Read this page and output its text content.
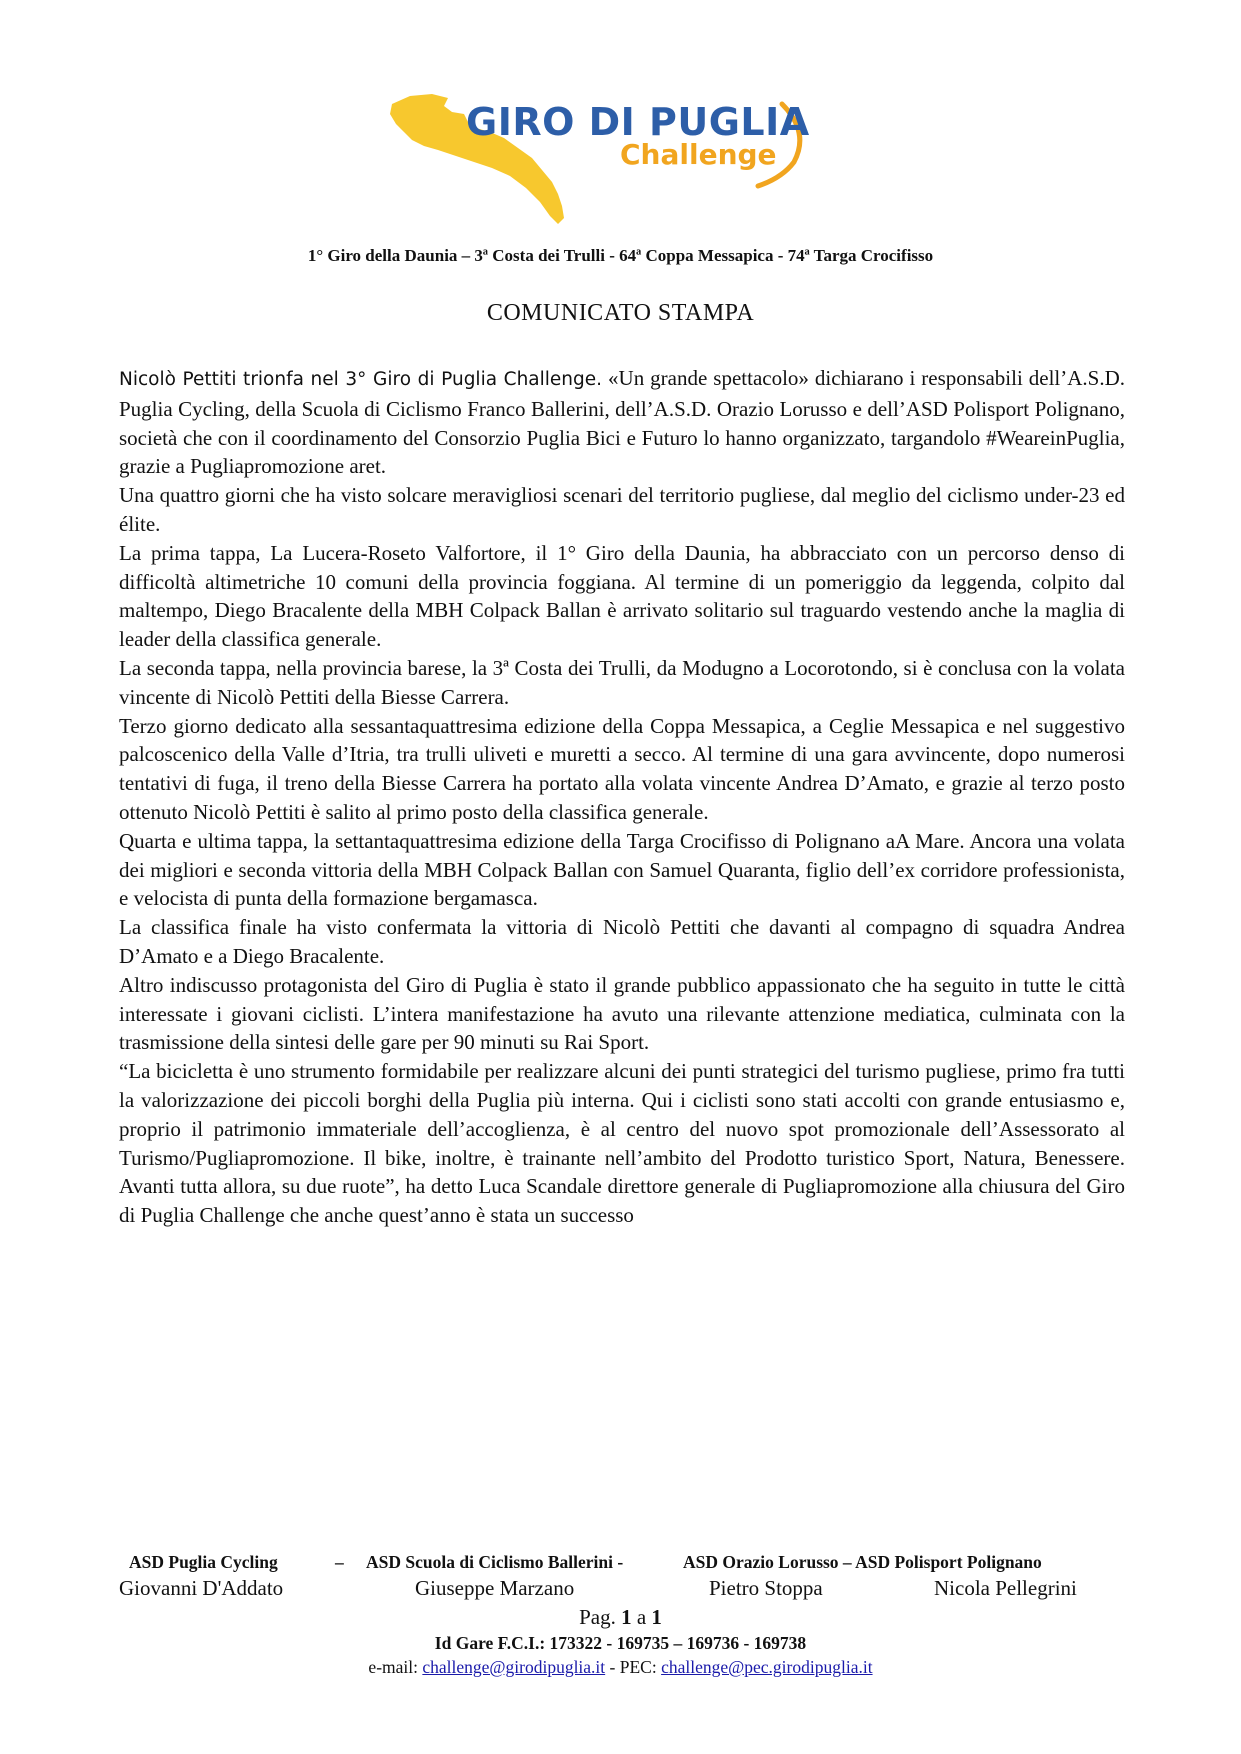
GIRO DI PUGLIA
Challenge
1° Giro della Daunia – 3ª Costa dei Trulli - 64ª Coppa Messapica - 74ª Targa Crocifisso
COMUNICATO STAMPA

Nicolò Pettiti trionfa nel 3° Giro di Puglia Challenge. «Un grande spettacolo» dichiarano i responsabili dell’A.S.D. Puglia Cycling, della Scuola di Ciclismo Franco Ballerini, dell’A.S.D. Orazio Lorusso e dell’ASD Polisport Polignano, società che con il coordinamento del Consorzio Puglia Bici e Futuro lo hanno organizzato, targandolo #WeareinPuglia, grazie a Pugliapromozione aret.

Una quattro giorni che ha visto solcare meravigliosi scenari del territorio pugliese, dal meglio del ciclismo under-23 ed élite.

La prima tappa, La Lucera-Roseto Valfortore, il 1° Giro della Daunia, ha abbracciato con un percorso denso di difficoltà altimetriche 10 comuni della provincia foggiana. Al termine di un pomeriggio da leggenda, colpito dal maltempo, Diego Bracalente della MBH Colpack Ballan è arrivato solitario sul traguardo vestendo anche la maglia di leader della classifica generale.

La seconda tappa, nella provincia barese, la 3ª Costa dei Trulli, da Modugno a Locorotondo, si è conclusa con la volata vincente di Nicolò Pettiti della Biesse Carrera.

Terzo giorno dedicato alla sessantaquattresima edizione della Coppa Messapica, a Ceglie Messapica e nel suggestivo palcoscenico della Valle d’Itria, tra trulli uliveti e muretti a secco. Al termine di una gara avvincente, dopo numerosi tentativi di fuga, il treno della Biesse Carrera ha portato alla volata vincente Andrea D’Amato, e grazie al terzo posto ottenuto Nicolò Pettiti è salito al primo posto della classifica generale.

Quarta e ultima tappa, la settantaquattresima edizione della Targa Crocifisso di Polignano aA Mare. Ancora una volata dei migliori e seconda vittoria della MBH Colpack Ballan con Samuel Quaranta, figlio dell’ex corridore professionista, e velocista di punta della formazione bergamasca.

La classifica finale ha visto confermata la vittoria di Nicolò Pettiti che davanti al compagno di squadra Andrea D’Amato e a Diego Bracalente.

Altro indiscusso protagonista del Giro di Puglia è stato il grande pubblico appassionato che ha seguito in tutte le città interessate i giovani ciclisti. L’intera manifestazione ha avuto una rilevante attenzione mediatica, culminata con la trasmissione della sintesi delle gare per 90 minuti su Rai Sport.

“La bicicletta è uno strumento formidabile per realizzare alcuni dei punti strategici del turismo pugliese, primo fra tutti la valorizzazione dei piccoli borghi della Puglia più interna. Qui i ciclisti sono stati accolti con grande entusiasmo e, proprio il patrimonio immateriale dell’accoglienza, è al centro del nuovo spot promozionale dell’Assessorato al Turismo/Pugliapromozione. Il bike, inoltre, è trainante nell’ambito del Prodotto turistico Sport, Natura, Benessere. Avanti tutta allora, su due ruote”, ha detto Luca Scandale direttore generale di Pugliapromozione alla chiusura del Giro di Puglia Challenge che anche quest’anno è stata un successo

ASD Puglia Cycling	– ASD Scuola di Ciclismo Ballerini -	ASD Orazio Lorusso – ASD Polisport Polignano
Giovanni D'Addato	Giuseppe Marzano	Pietro Stoppa	Nicola Pellegrini
Pag. 1 a 1
Id Gare F.C.I.: 173322 - 169735 – 169736 - 169738
e-mail: challenge@girodipuglia.it - PEC: challenge@pec.girodipuglia.it
